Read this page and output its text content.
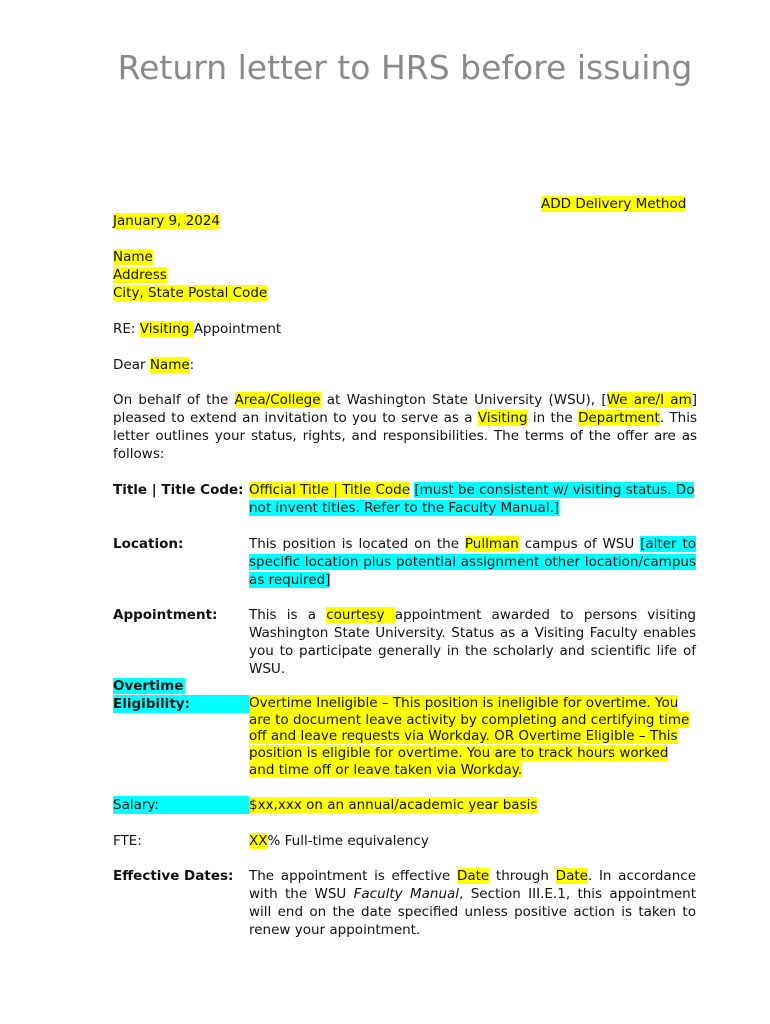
Return letter to HRS before issuing
ADD Delivery Method
January 9, 2024
Name
Address
City, State Postal Code
RE: Visiting Appointment
Dear Name:
On behalf of the Area/College at Washington State University (WSU), [We are/I am] pleased to extend an invitation to you to serve as a Visiting in the Department. This letter outlines your status, rights, and responsibilities. The terms of the offer are as follows:
Title | Title Code: Official Title | Title Code [must be consistent w/ visiting status. Do not invent titles. Refer to the Faculty Manual.]
Location:	This position is located on the Pullman campus of WSU [alter to specific location plus potential assignment other location/campus as required]
Appointment:	This is a courtesy appointment awarded to persons visiting Washington State University. Status as a Visiting Faculty enables you to participate generally in the scholarly and scientific life of WSU.
Overtime
Eligibility:	Overtime Ineligible – This position is ineligible for overtime. You are to document leave activity by completing and certifying time off and leave requests via Workday. OR Overtime Eligible – This position is eligible for overtime. You are to track hours worked and time off or leave taken via Workday.
Salary:	$xx,xxx on an annual/academic year basis
FTE:	XX% Full-time equivalency
Effective Dates:	The appointment is effective Date through Date. In accordance with the WSU Faculty Manual, Section III.E.1, this appointment will end on the date specified unless positive action is taken to renew your appointment.
